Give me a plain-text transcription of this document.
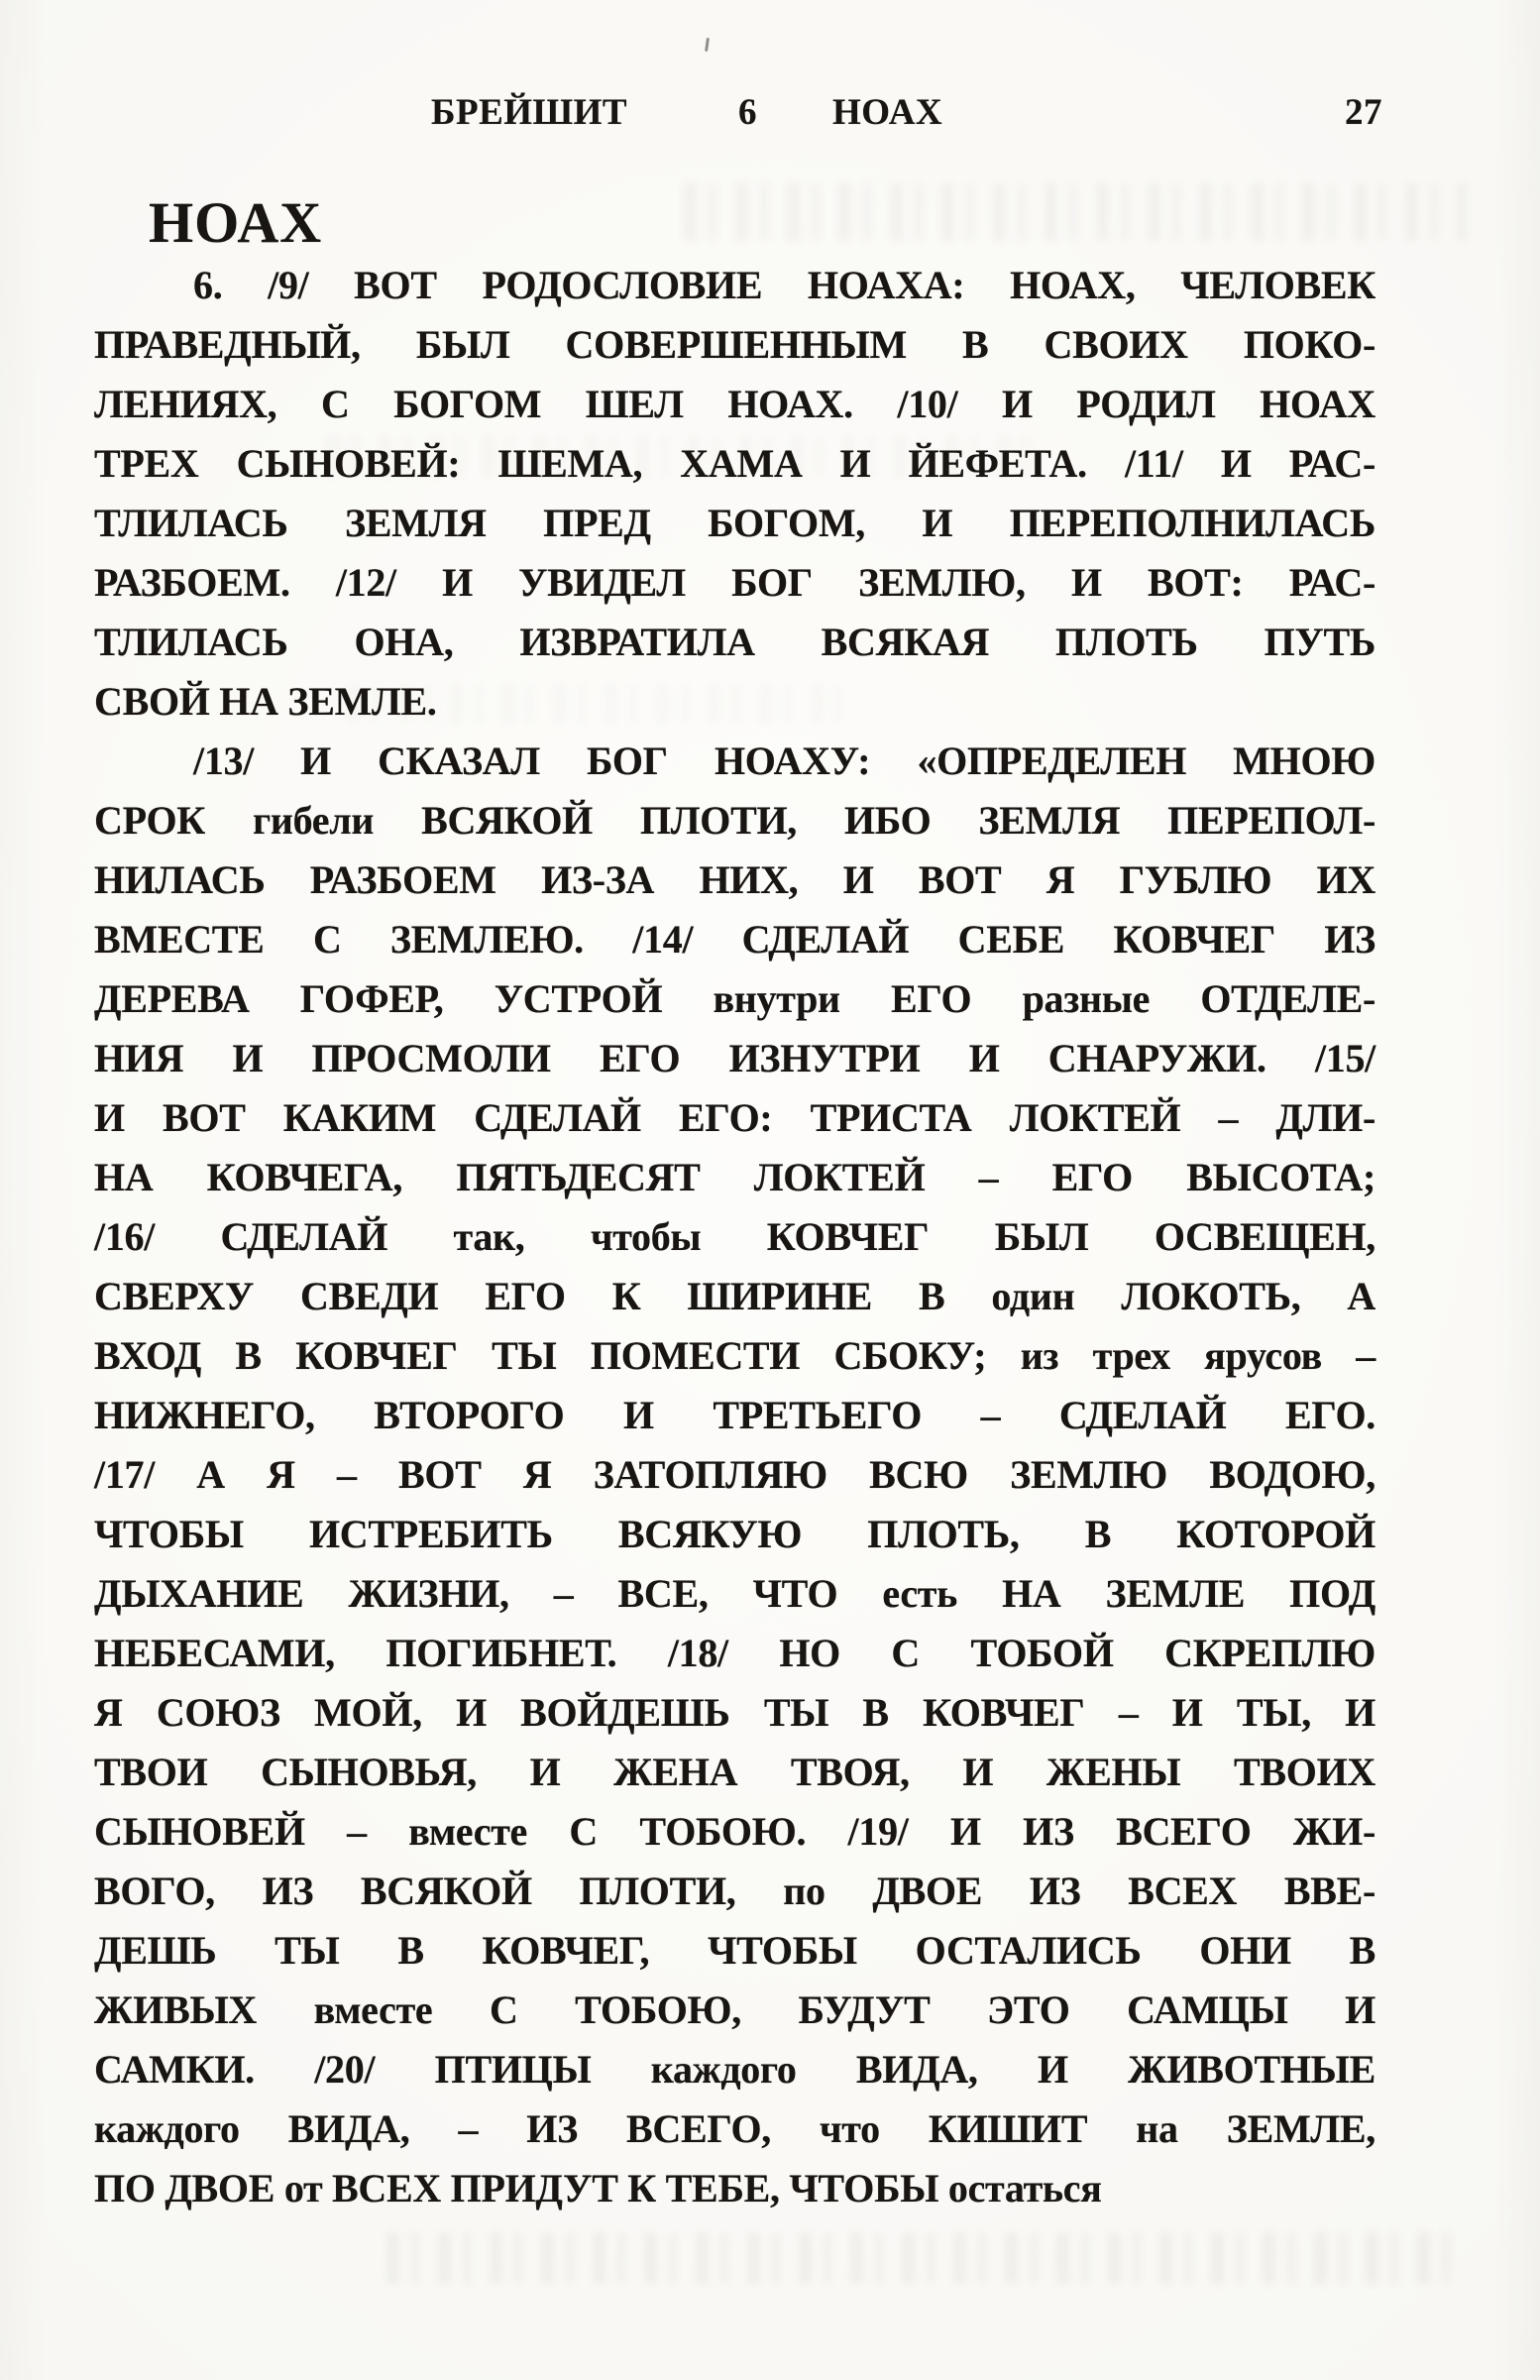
БРЕЙШИТ	6 НОАХ	27
НОАХ
6. /9/ ВОТ РОДОСЛОВИЕ НОАХА: НОАХ, ЧЕЛОВЕК
ПРАВЕДНЫЙ, БЫЛ СОВЕРШЕННЫМ В СВОИХ ПОКО-
ЛЕНИЯХ, С БОГОМ ШЕЛ НОАХ. /10/ И РОДИЛ НОАХ
ТРЕХ СЫНОВЕЙ: ШЕМА, ХАМА И ЙЕФЕТА. /11/ И РАС-
ТЛИЛАСЬ ЗЕМЛЯ ПРЕД БОГОМ, И ПЕРЕПОЛНИЛАСЬ
РАЗБОЕМ. /12/ И УВИДЕЛ БОГ ЗЕМЛЮ, И ВОТ: РАС-
ТЛИЛАСЬ ОНА, ИЗВРАТИЛА ВСЯКАЯ ПЛОТЬ ПУТЬ
СВОЙ НА ЗЕМЛЕ.
/13/ И СКАЗАЛ БОГ НОАХУ: «ОПРЕДЕЛЕН МНОЮ
СРОК гибели ВСЯКОЙ ПЛОТИ, ИБО ЗЕМЛЯ ПЕРЕПОЛ-
НИЛАСЬ РАЗБОЕМ ИЗ-ЗА НИХ, И ВОТ Я ГУБЛЮ ИХ
ВМЕСТЕ С ЗЕМЛЕЮ. /14/ СДЕЛАЙ СЕБЕ КОВЧЕГ ИЗ
ДЕРЕВА ГОФЕР, УСТРОЙ внутри ЕГО разные ОТДЕЛЕ-
НИЯ И ПРОСМОЛИ ЕГО ИЗНУТРИ И СНАРУЖИ. /15/
И ВОТ КАКИМ СДЕЛАЙ ЕГО: ТРИСТА ЛОКТЕЙ – ДЛИ-
НА КОВЧЕГА, ПЯТЬДЕСЯТ ЛОКТЕЙ – ЕГО ВЫСОТА;
/16/ СДЕЛАЙ так, чтобы КОВЧЕГ БЫЛ ОСВЕЩЕН,
СВЕРХУ СВЕДИ ЕГО К ШИРИНЕ В один ЛОКОТЬ, А
ВХОД В КОВЧЕГ ТЫ ПОМЕСТИ СБОКУ; из трех ярусов –
НИЖНЕГО, ВТОРОГО И ТРЕТЬЕГО – СДЕЛАЙ ЕГО.
/17/ А Я – ВОТ Я ЗАТОПЛЯЮ ВСЮ ЗЕМЛЮ ВОДОЮ,
ЧТОБЫ ИСТРЕБИТЬ ВСЯКУЮ ПЛОТЬ, В КОТОРОЙ
ДЫХАНИЕ ЖИЗНИ, – ВСЕ, ЧТО есть НА ЗЕМЛЕ ПОД
НЕБЕСАМИ, ПОГИБНЕТ. /18/ НО С ТОБОЙ СКРЕПЛЮ
Я СОЮЗ МОЙ, И ВОЙДЕШЬ ТЫ В КОВЧЕГ – И ТЫ, И
ТВОИ СЫНОВЬЯ, И ЖЕНА ТВОЯ, И ЖЕНЫ ТВОИХ
СЫНОВЕЙ – вместе С ТОБОЮ. /19/ И ИЗ ВСЕГО ЖИ-
ВОГО, ИЗ ВСЯКОЙ ПЛОТИ, по ДВОЕ ИЗ ВСЕХ ВВЕ-
ДЕШЬ ТЫ В КОВЧЕГ, ЧТОБЫ ОСТАЛИСЬ ОНИ В
ЖИВЫХ вместе С ТОБОЮ, БУДУТ ЭТО САМЦЫ И
САМКИ. /20/ ПТИЦЫ каждого ВИДА, И ЖИВОТНЫЕ
каждого ВИДА, – ИЗ ВСЕГО, что КИШИТ на ЗЕМЛЕ,
ПО ДВОЕ от ВСЕХ ПРИДУТ К ТЕБЕ, ЧТОБЫ остаться
